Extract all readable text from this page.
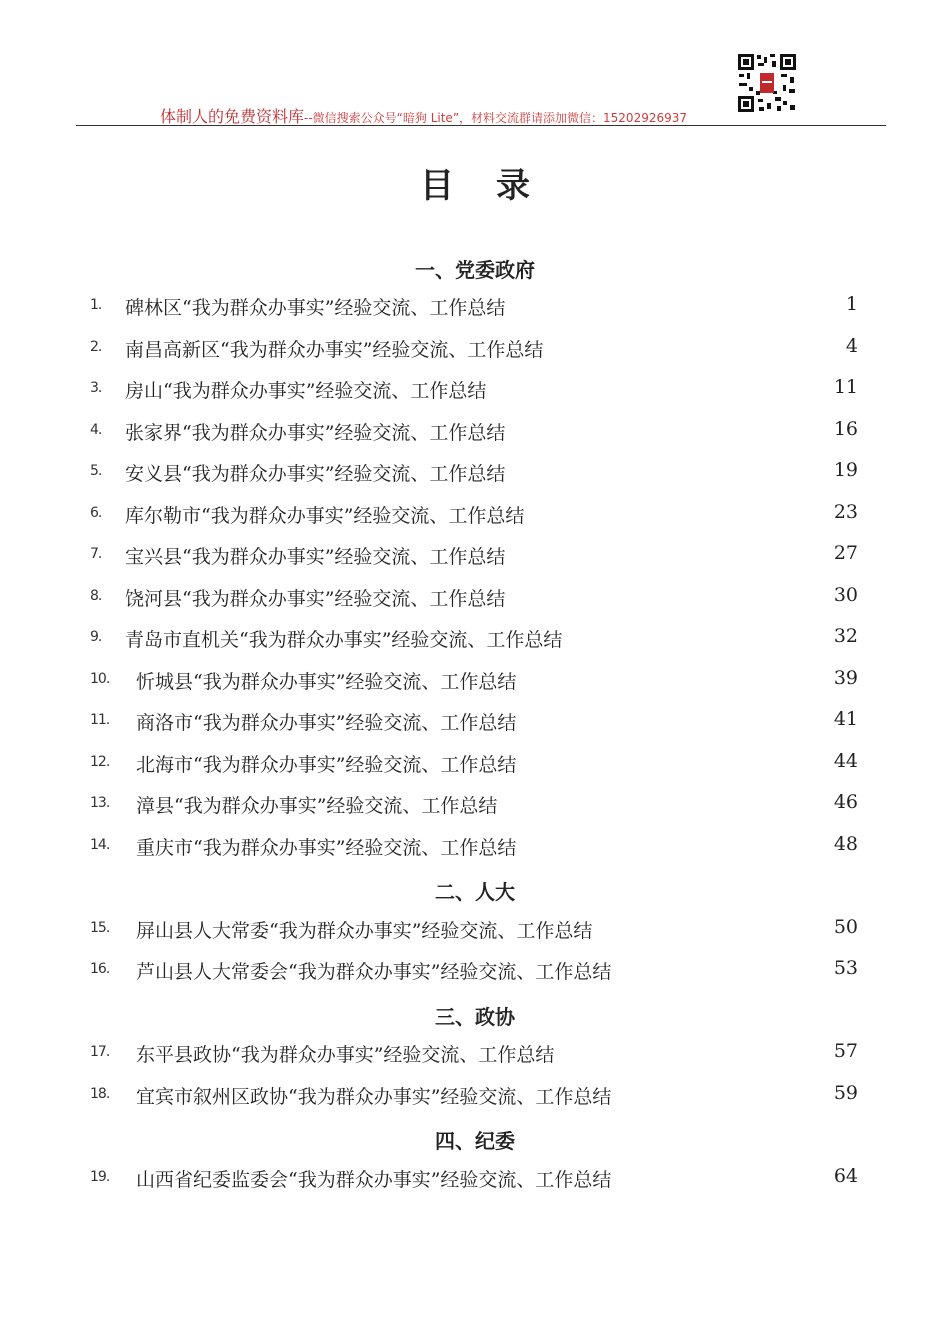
体制人的免费资料库--微信搜索公众号“暗狗 Lite”，材料交流群请添加微信：15202926937
目录
一、党委政府
1. 碑林区“我为群众办事实”经验交流、工作总结	1
2. 南昌高新区“我为群众办事实”经验交流、工作总结	4
3. 房山“我为群众办事实”经验交流、工作总结	11
4. 张家界“我为群众办事实”经验交流、工作总结	16
5. 安义县“我为群众办事实”经验交流、工作总结	19
6. 库尔勒市“我为群众办事实”经验交流、工作总结	23
7. 宝兴县“我为群众办事实”经验交流、工作总结	27
8. 饶河县“我为群众办事实”经验交流、工作总结	30
9. 青岛市直机关“我为群众办事实”经验交流、工作总结	32
10. 忻城县“我为群众办事实”经验交流、工作总结	39
11. 商洛市“我为群众办事实”经验交流、工作总结	41
12. 北海市“我为群众办事实”经验交流、工作总结	44
13. 漳县“我为群众办事实”经验交流、工作总结	46
14. 重庆市“我为群众办事实”经验交流、工作总结	48
二、人大
15. 屏山县人大常委“我为群众办事实”经验交流、工作总结	50
16. 芦山县人大常委会“我为群众办事实”经验交流、工作总结	53
三、政协
17. 东平县政协“我为群众办事实”经验交流、工作总结	57
18. 宜宾市叙州区政协“我为群众办事实”经验交流、工作总结	59
四、纪委
19. 山西省纪委监委会“我为群众办事实”经验交流、工作总结	64
